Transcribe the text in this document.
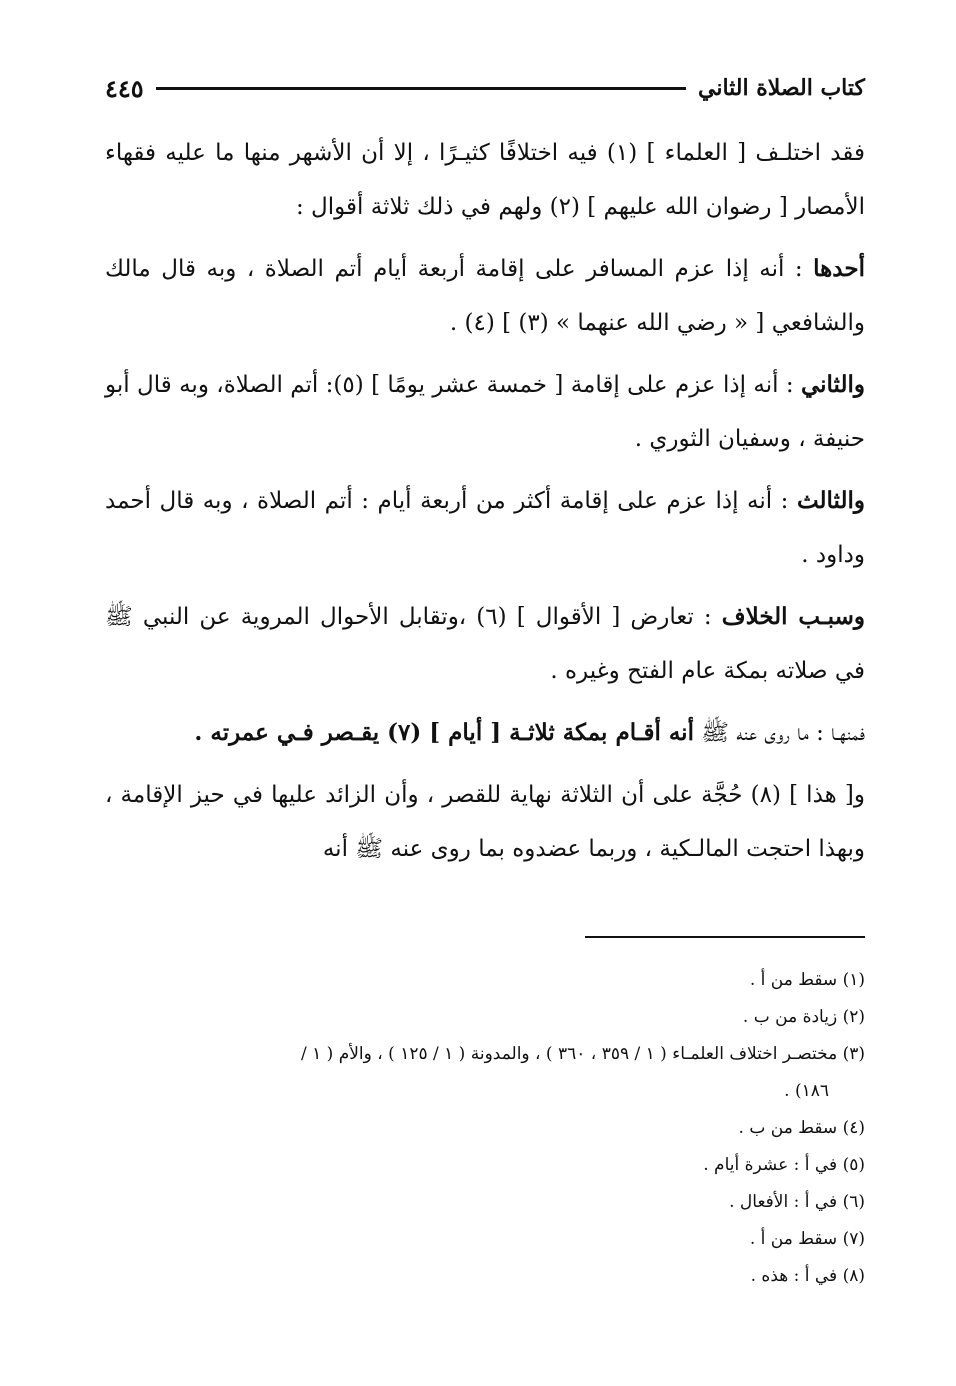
٤٤٥	كتاب الصلاة الثاني

فقد اختلـف [ العلماء ] (١) فيه اختلافًا كثيـرًا ، إلا أن الأشهر منها ما عليه فقهاء الأمصار [ رضوان الله عليهم ] (٢) ولهم في ذلك ثلاثة أقوال :

أحدها : أنه إذا عزم المسافر على إقامة أربعة أيام أتم الصلاة ، وبه قال مالك والشافعي [ « رضي الله عنهما » (٣) ] (٤) .

والثاني : أنه إذا عزم على إقامة [ خمسة عشر يومًا ] (٥): أتم الصلاة، وبه قال أبو حنيفة ، وسفيان الثوري .

والثالث : أنه إذا عزم على إقامة أكثر من أربعة أيام : أتم الصلاة ، وبه قال أحمد وداود .

وسبـب الخلاف : تعارض [ الأقوال ] (٦) ،وتقابل الأحوال المروية عن النبي ﷺ في صلاته بمكة عام الفتح وغيره .

فمنهـا : ما روى عنه ﷺ أنه أقـام بمكة ثلاثـة [ أيام ] (٧) يقـصر فـي عمرته .

و[ هذا ] (٨) حُجَّة على أن الثلاثة نهاية للقصر ، وأن الزائد عليها في حيز الإقامة ، وبهذا احتجت المالـكية ، وربما عضدوه بما روى عنه ﷺ أنه

(١) سقط من أ .

(٢) زيادة من ب .

(٣) مختصـر اختلاف العلمـاء ( ١ / ٣٥٩ ، ٣٦٠ ) ، والمدونة ( ١ / ١٢٥ ) ، والأم ( ١ /

١٨٦) .

(٤) سقط من ب .

(٥) في أ : عشرة أيام .

(٦) في أ : الأفعال .

(٧) سقط من أ .

(٨) في أ : هذه .
